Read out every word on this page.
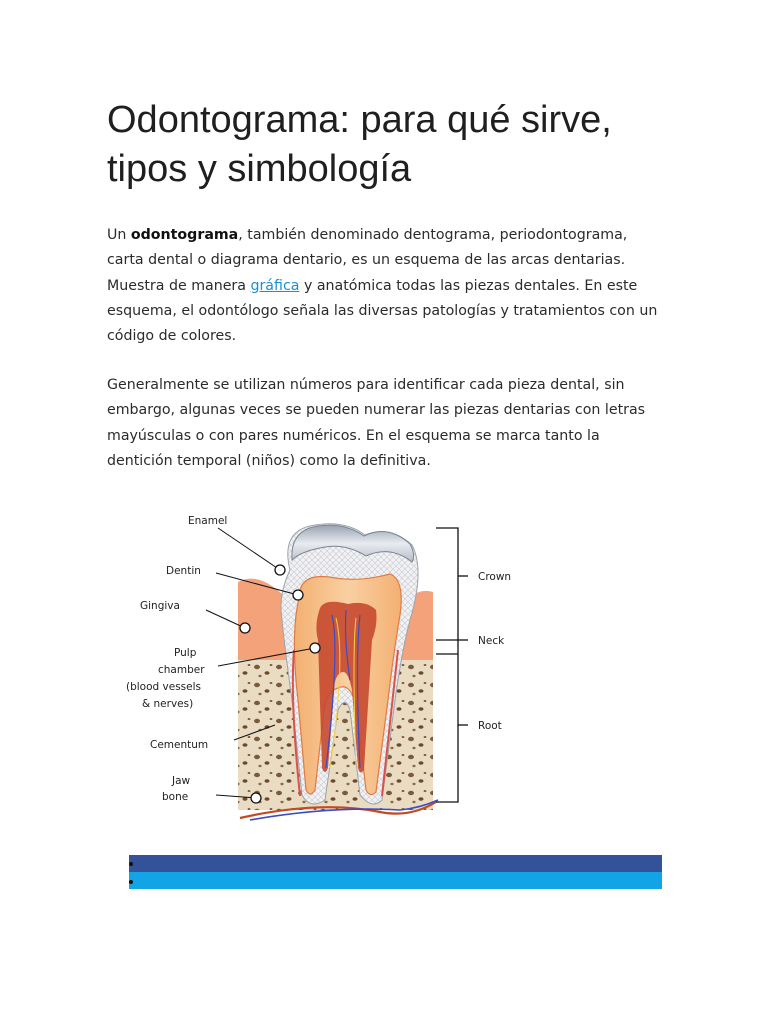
Odontograma: para qué sirve,
tipos y simbología

Un odontograma, también denominado dentograma, periodontograma, carta dental o diagrama dentario, es un esquema de las arcas dentarias. Muestra de manera gráfica y anatómica todas las piezas dentales. En este esquema, el odontólogo señala las diversas patologías y tratamientos con un código de colores.

Generalmente se utilizan números para identificar cada pieza dental, sin embargo, algunas veces se pueden numerar las piezas dentarias con letras mayúsculas o con pares numéricos. En el esquema se marca tanto la dentición temporal (niños) como la definitiva.

Enamel
Dentin
Gingiva
Pulp
chamber
(blood vessels
& nerves)
Cementum
Jaw
bone
Crown
Neck
Root
